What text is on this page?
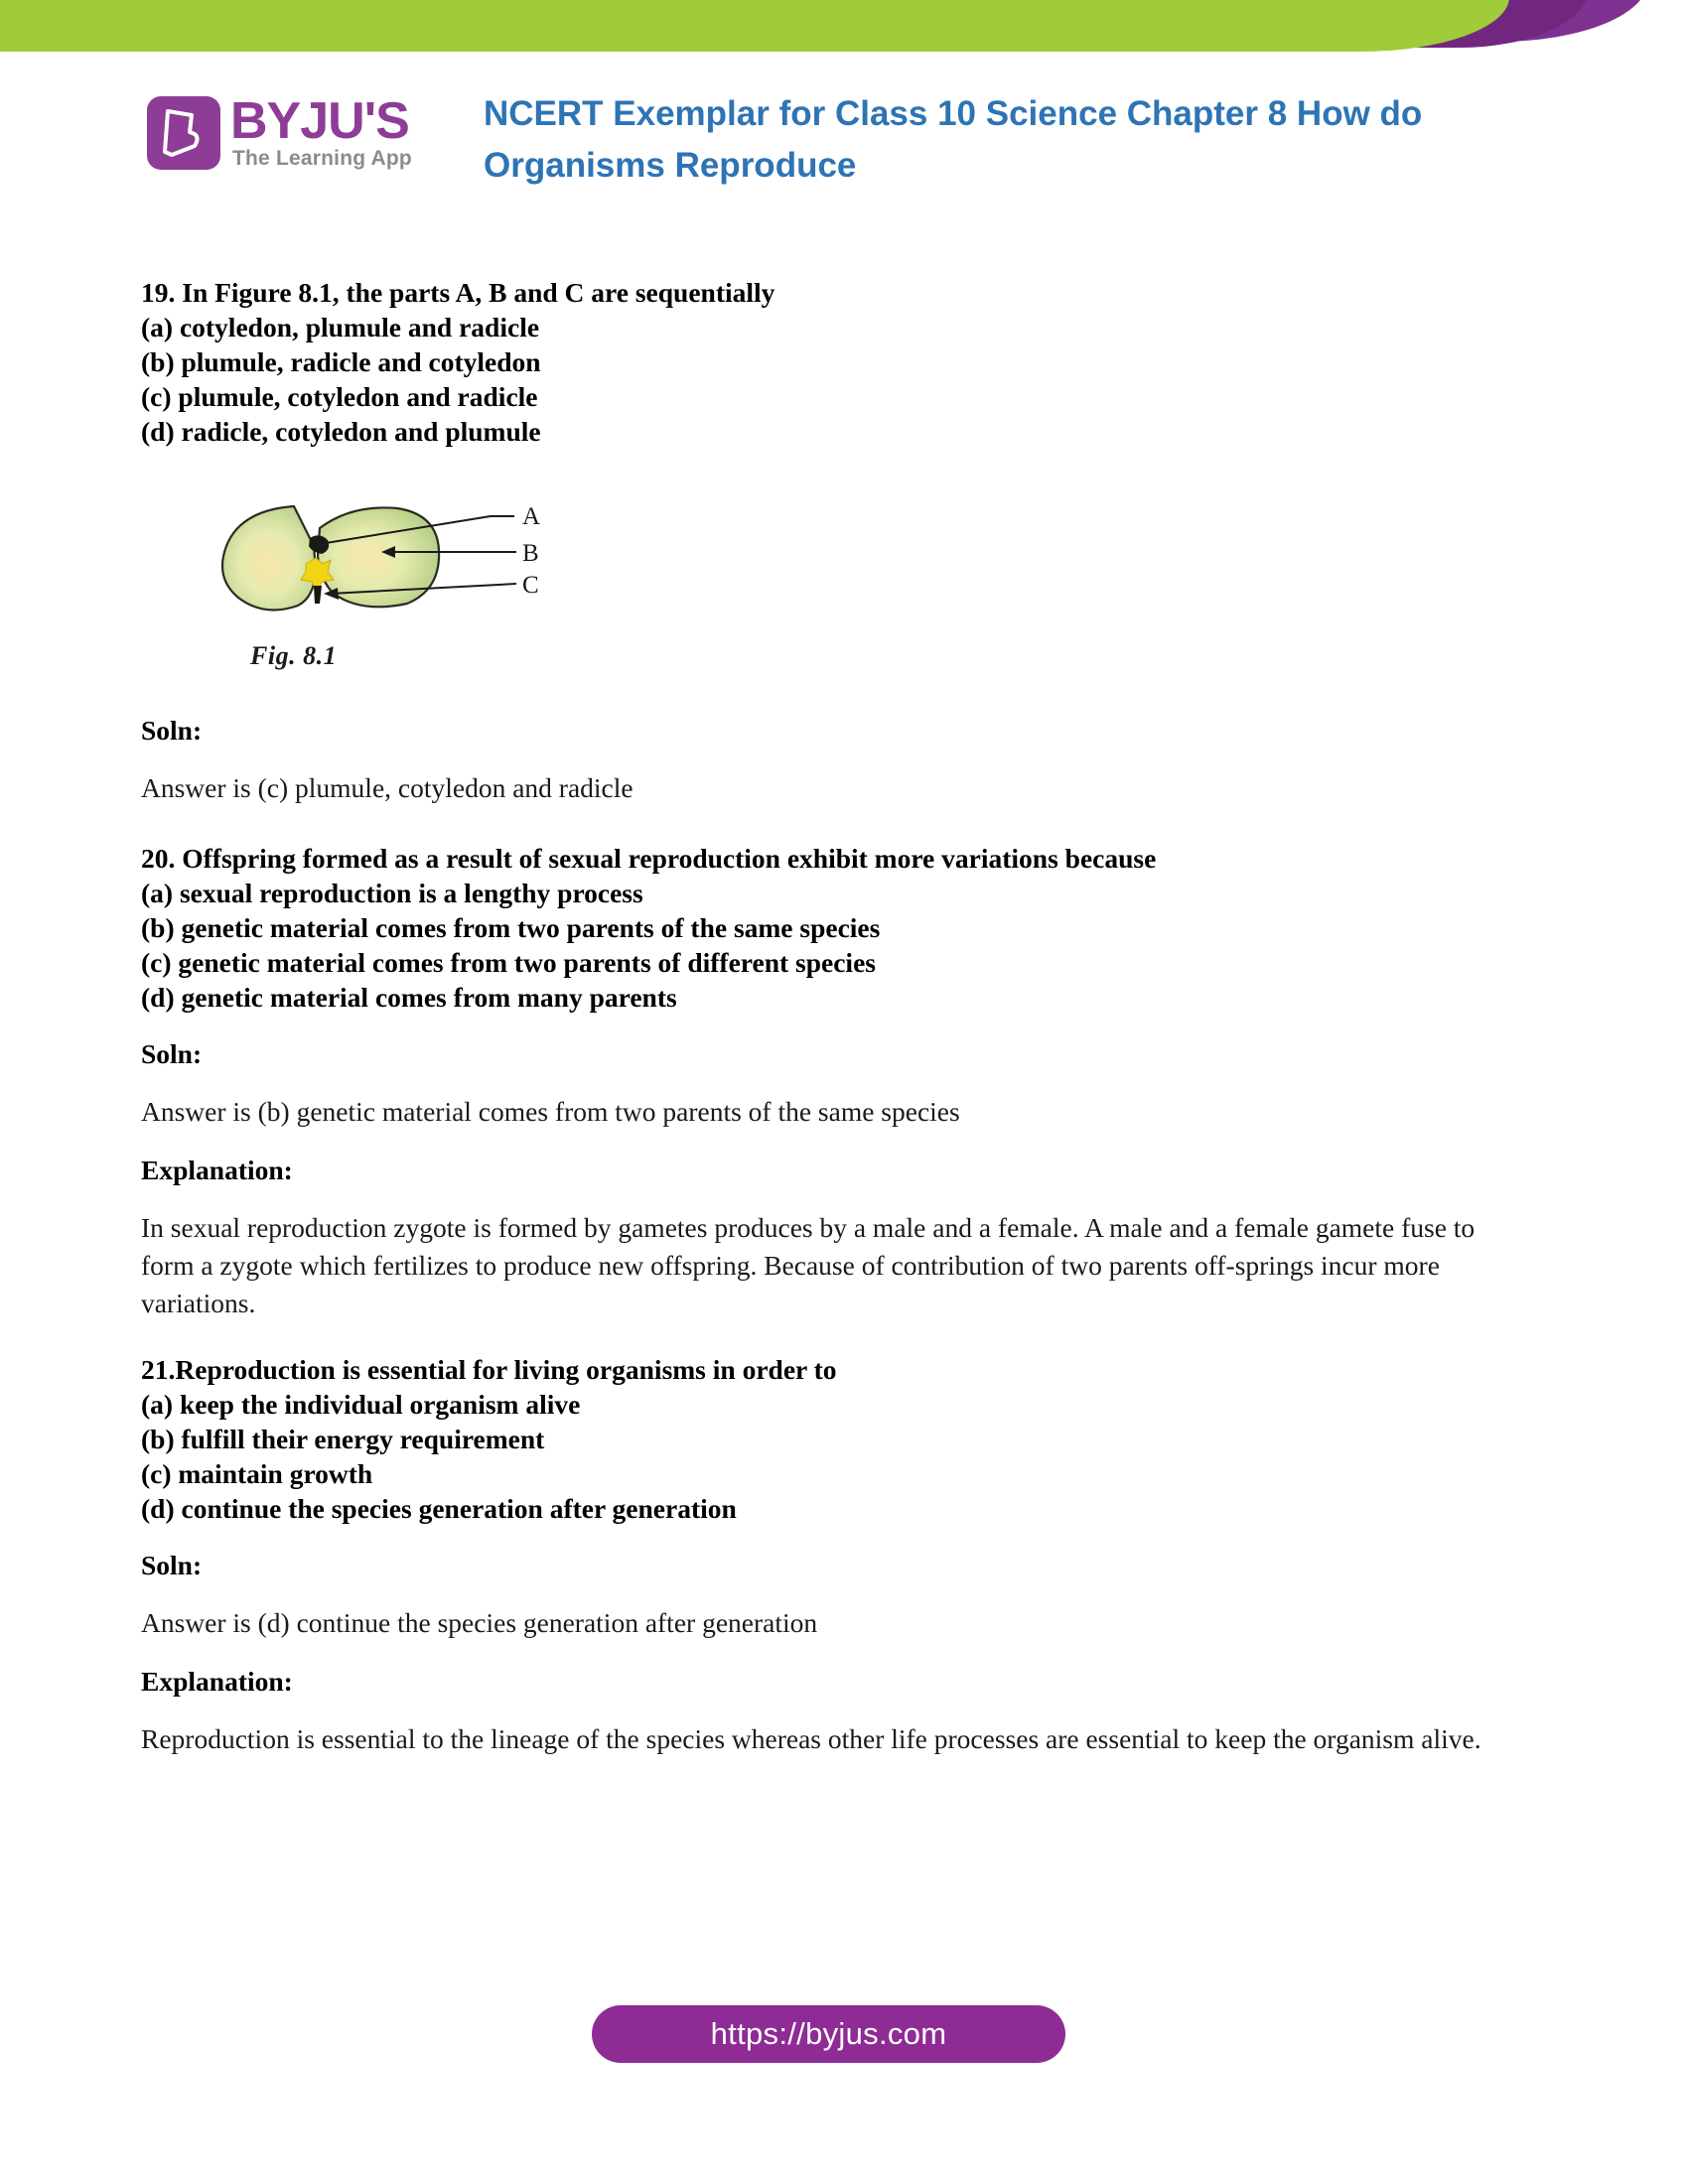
BYJU'S
The Learning App
NCERT Exemplar for Class 10 Science Chapter 8 How do Organisms Reproduce
19. In Figure 8.1, the parts A, B and C are sequentially
(a) cotyledon, plumule and radicle
(b) plumule, radicle and cotyledon
(c) plumule, cotyledon and radicle
(d) radicle, cotyledon and plumule
A
B
C
Fig. 8.1
Soln:
Answer is (c) plumule, cotyledon and radicle
20. Offspring formed as a result of sexual reproduction exhibit more variations because
(a) sexual reproduction is a lengthy process
(b) genetic material comes from two parents of the same species
(c) genetic material comes from two parents of different species
(d) genetic material comes from many parents
Soln:
Answer is (b) genetic material comes from two parents of the same species
Explanation:
In sexual reproduction zygote is formed by gametes produces by a male and a female. A male and a female gamete fuse to form a zygote which fertilizes to produce new offspring. Because of contribution of two parents off-springs incur more variations.
21.Reproduction is essential for living organisms in order to
(a) keep the individual organism alive
(b) fulfill their energy requirement
(c) maintain growth
(d) continue the species generation after generation
Soln:
Answer is (d) continue the species generation after generation
Explanation:
Reproduction is essential to the lineage of the species whereas other life processes are essential to keep the organism alive.
https://byjus.com
